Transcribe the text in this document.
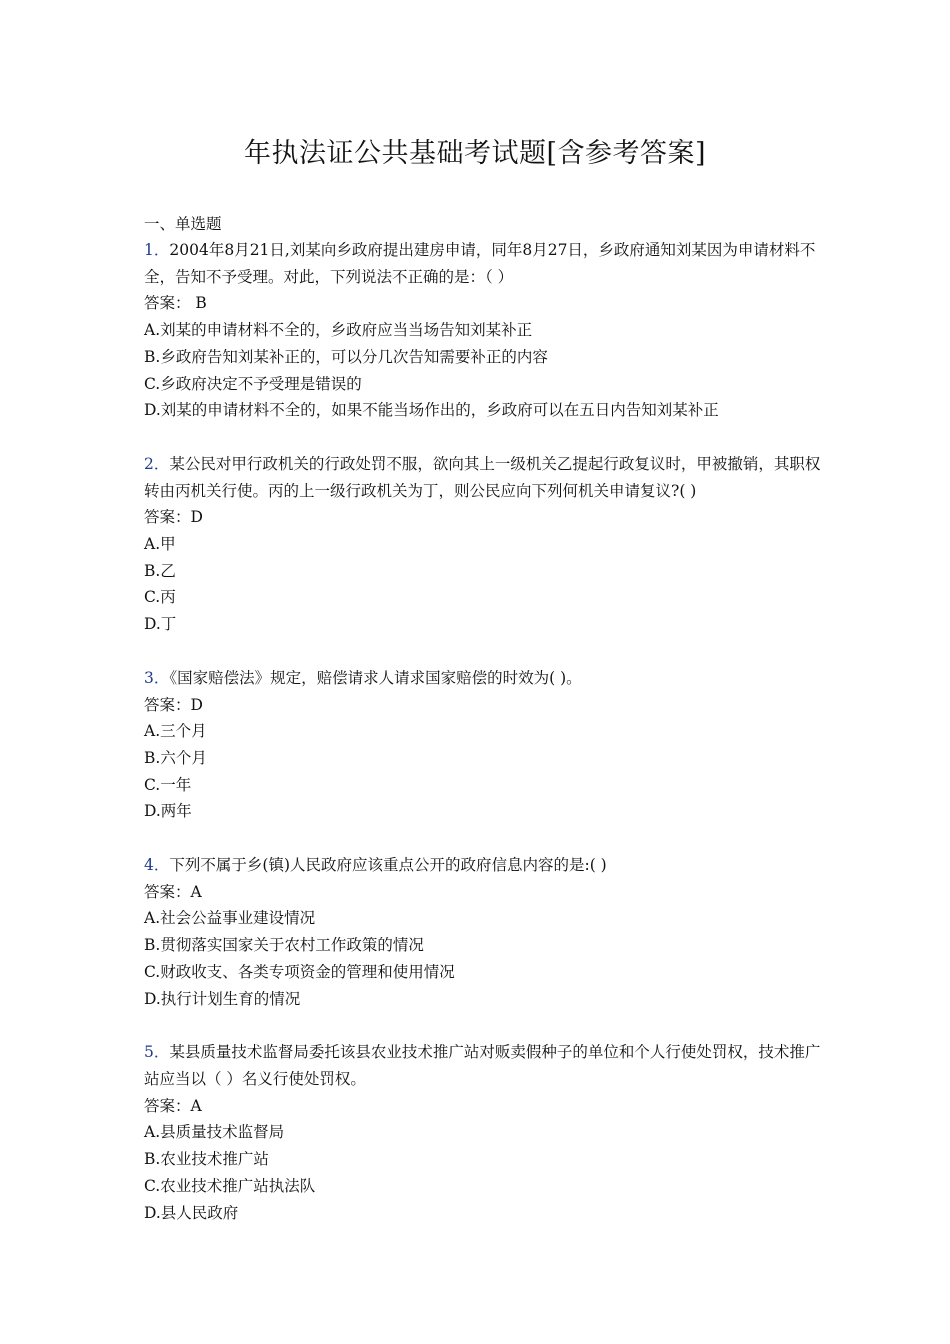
年执法证公共基础考试题[含参考答案]
一、单选题
1．2004年8月21日,刘某向乡政府提出建房申请，同年8月27日，乡政府通知刘某因为申请材料不全，告知不予受理。对此，下列说法不正确的是：（ ）
答案： B
A.刘某的申请材料不全的，乡政府应当当场告知刘某补正
B.乡政府告知刘某补正的，可以分几次告知需要补正的内容
C.乡政府决定不予受理是错误的
D.刘某的申请材料不全的，如果不能当场作出的，乡政府可以在五日内告知刘某补正
2．某公民对甲行政机关的行政处罚不服，欲向其上一级机关乙提起行政复议时，甲被撤销，其职权转由丙机关行使。丙的上一级行政机关为丁，则公民应向下列何机关申请复议?( )
答案：D
A.甲
B.乙
C.丙
D.丁
3．《国家赔偿法》规定，赔偿请求人请求国家赔偿的时效为( )。
答案：D
A.三个月
B.六个月
C.一年
D.两年
4．下列不属于乡(镇)人民政府应该重点公开的政府信息内容的是:( )
答案：A
A.社会公益事业建设情况
B.贯彻落实国家关于农村工作政策的情况
C.财政收支、各类专项资金的管理和使用情况
D.执行计划生育的情况
5．某县质量技术监督局委托该县农业技术推广站对贩卖假种子的单位和个人行使处罚权，技术推广站应当以（ ）名义行使处罚权。
答案：A
A.县质量技术监督局
B.农业技术推广站
C.农业技术推广站执法队
D.县人民政府
